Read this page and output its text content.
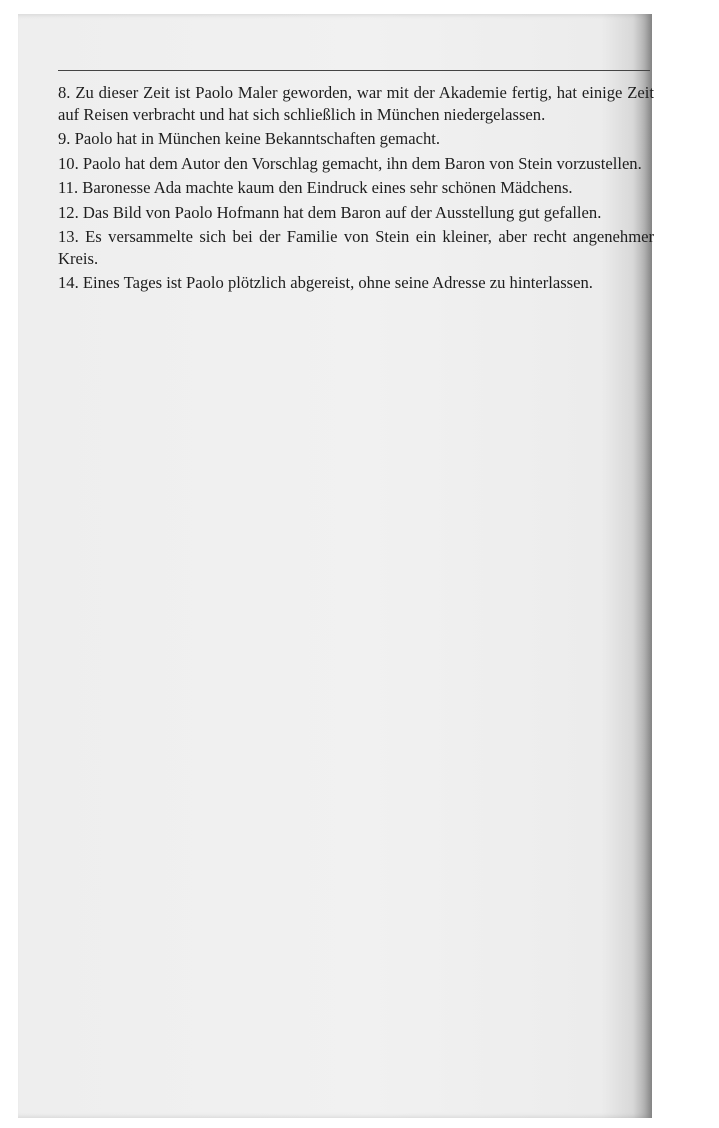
8. Zu dieser Zeit ist Paolo Maler geworden, war mit der Akademie fertig, hat einige Zeit auf Reisen verbracht und hat sich schließlich in München niedergelassen.

9. Paolo hat in München keine Bekanntschaften gemacht.

10. Paolo hat dem Autor den Vorschlag gemacht, ihn dem Baron von Stein vorzustellen.

11. Baronesse Ada machte kaum den Eindruck eines sehr schönen Mädchens.

12. Das Bild von Paolo Hofmann hat dem Baron auf der Ausstellung gut gefallen.

13. Es versammelte sich bei der Familie von Stein ein kleiner, aber recht angenehmer Kreis.

14. Eines Tages ist Paolo plötzlich abgereist, ohne seine Adresse zu hinterlassen.
